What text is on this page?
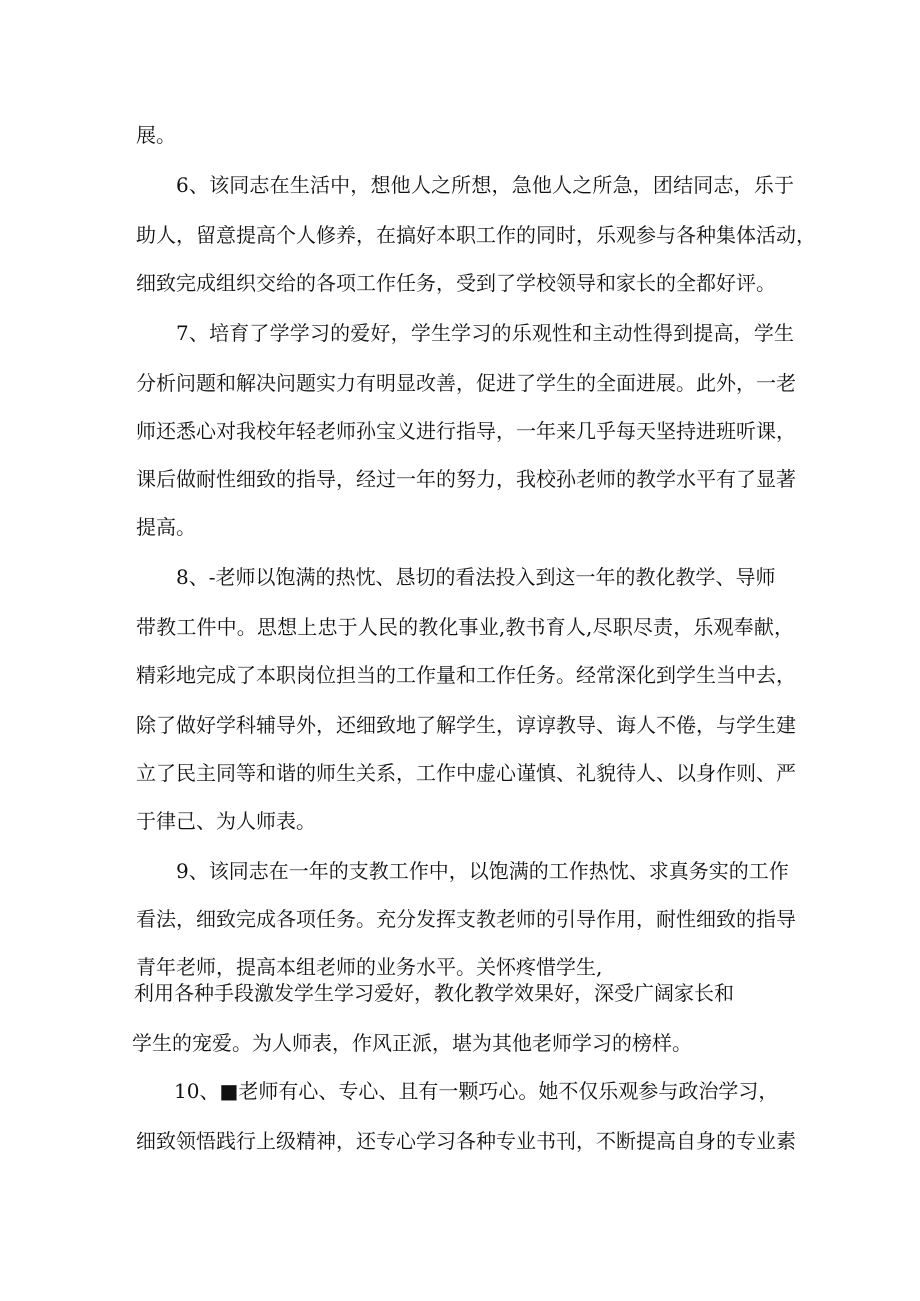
展。
6、该同志在生活中，想他人之所想，急他人之所急，团结同志，乐于
助人，留意提高个人修养，在搞好本职工作的同时，乐观参与各种集体活动，
细致完成组织交给的各项工作任务，受到了学校领导和家长的全都好评。
7、培育了学学习的爱好，学生学习的乐观性和主动性得到提高，学生
分析问题和解决问题实力有明显改善，促进了学生的全面进展。此外，一老
师还悉心对我校年轻老师孙宝义进行指导，一年来几乎每天坚持进班听课，
课后做耐性细致的指导，经过一年的努力，我校孙老师的教学水平有了显著
提高。
8、-老师以饱满的热忱、恳切的看法投入到这一年的教化教学、导师
带教工件中。思想上忠于人民的教化事业,教书育人,尽职尽责，乐观奉献，
精彩地完成了本职岗位担当的工作量和工作任务。经常深化到学生当中去，
除了做好学科辅导外，还细致地了解学生，谆谆教导、诲人不倦，与学生建
立了民主同等和谐的师生关系，工作中虚心谨慎、礼貌待人、以身作则、严
于律己、为人师表。
9、该同志在一年的支教工作中，以饱满的工作热忱、求真务实的工作
看法，细致完成各项任务。充分发挥支教老师的引导作用，耐性细致的指导
青年老师，提高本组老师的业务水平。关怀疼惜学生,
利用各种手段激发学生学习爱好，教化教学效果好，深受广阔家长和
学生的宠爱。为人师表，作风正派，堪为其他老师学习的榜样。
10、■老师有心、专心、且有一颗巧心。她不仅乐观参与政治学习，
细致领悟践行上级精神，还专心学习各种专业书刊，不断提高自身的专业素
